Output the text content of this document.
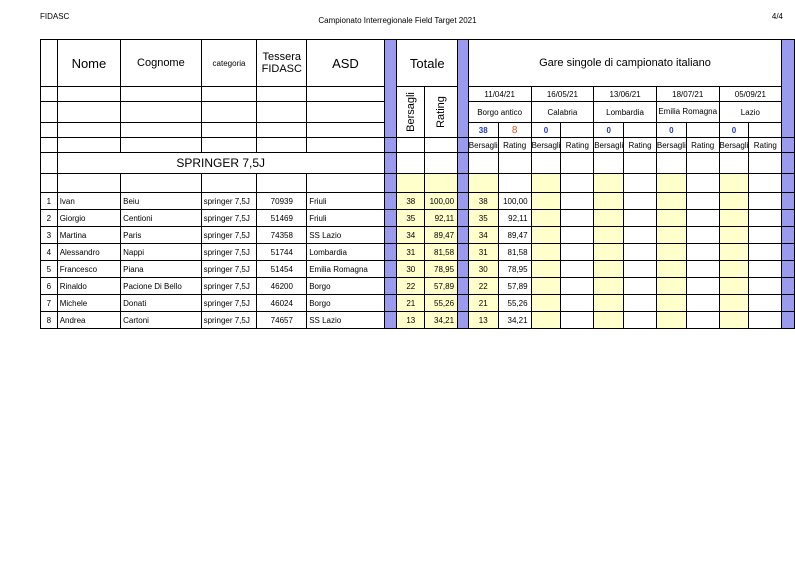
FIDASC	Campionato Interregionale Field Target 2021	4/4
	Nome	Cognome	categoria	Tessera FIDASC	ASD		Totale			Gare singole di campionato italiano										

							Bersagli	Rating		11/04/21		16/05/21		13/06/21		18/07/21		05/09/21		
										Borgo antico		Calabria		Lombardia		Emilia Romagna		Lazio		
										38	8	0		0		0		0		
										Bersagli	Rating	Bersagli	Rating	Bersagli	Rating	Bersagli	Rating	Bersagli	Rating	
	SPRINGER 7,5J																			

1	Ivan	Beiu	springer 7,5J	70939	Friuli		38	100,00		38	100,00									
2	Giorgio	Centioni	springer 7,5J	51469	Friuli		35	92,11		35	92,11									
3	Martina	Paris	springer 7,5J	74358	SS Lazio		34	89,47		34	89,47									
4	Alessandro	Nappi	springer 7,5J	51744	Lombardia		31	81,58		31	81,58									
5	Francesco	Piana	springer 7,5J	51454	Emilia Romagna		30	78,95		30	78,95									
6	Rinaldo	Pacione Di Bello	springer 7,5J	46200	Borgo		22	57,89		22	57,89									
7	Michele	Donati	springer 7,5J	46024	Borgo		21	55,26		21	55,26									
8	Andrea	Cartoni	springer 7,5J	74657	SS Lazio		13	34,21		13	34,21									
